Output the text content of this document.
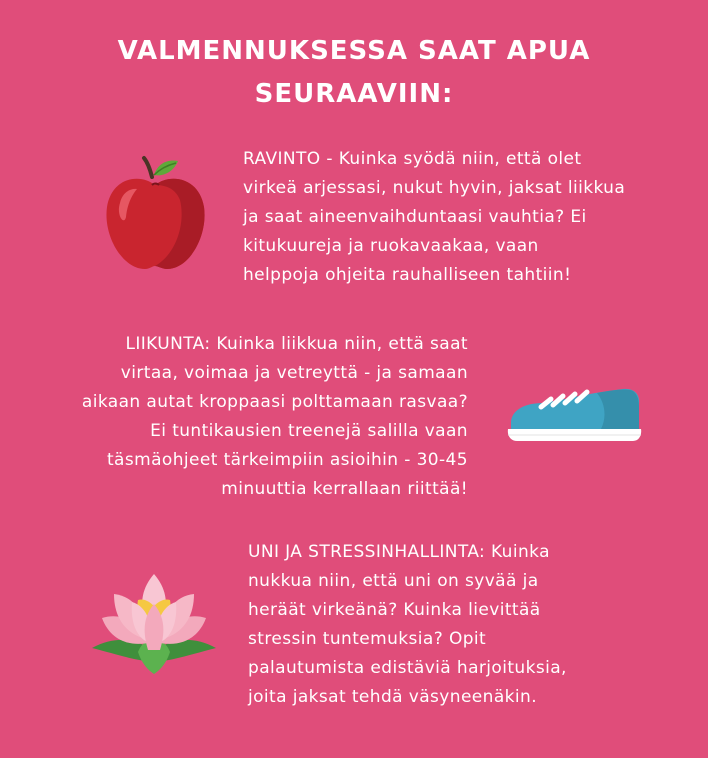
VALMENNUKSESSA SAAT APUA
SEURAAVIIN:

RAVINTO - Kuinka syödä niin, että olet
virkeä arjessasi, nukut hyvin, jaksat liikkua
ja saat aineenvaihduntaasi vauhtia? Ei
kitukuureja ja ruokavaakaa, vaan
helppoja ohjeita rauhalliseen tahtiin!

LIIKUNTA: Kuinka liikkua niin, että saat
virtaa, voimaa ja vetreyttä - ja samaan
aikaan autat kroppaasi polttamaan rasvaa?
Ei tuntikausien treenejä salilla vaan
täsmäohjeet tärkeimpiin asioihin - 30-45
minuuttia kerrallaan riittää!

UNI JA STRESSINHALLINTA: Kuinka
nukkua niin, että uni on syvää ja
heräät virkeänä? Kuinka lievittää
stressin tuntemuksia? Opit
palautumista edistäviä harjoituksia,
joita jaksat tehdä väsyneenäkin.
